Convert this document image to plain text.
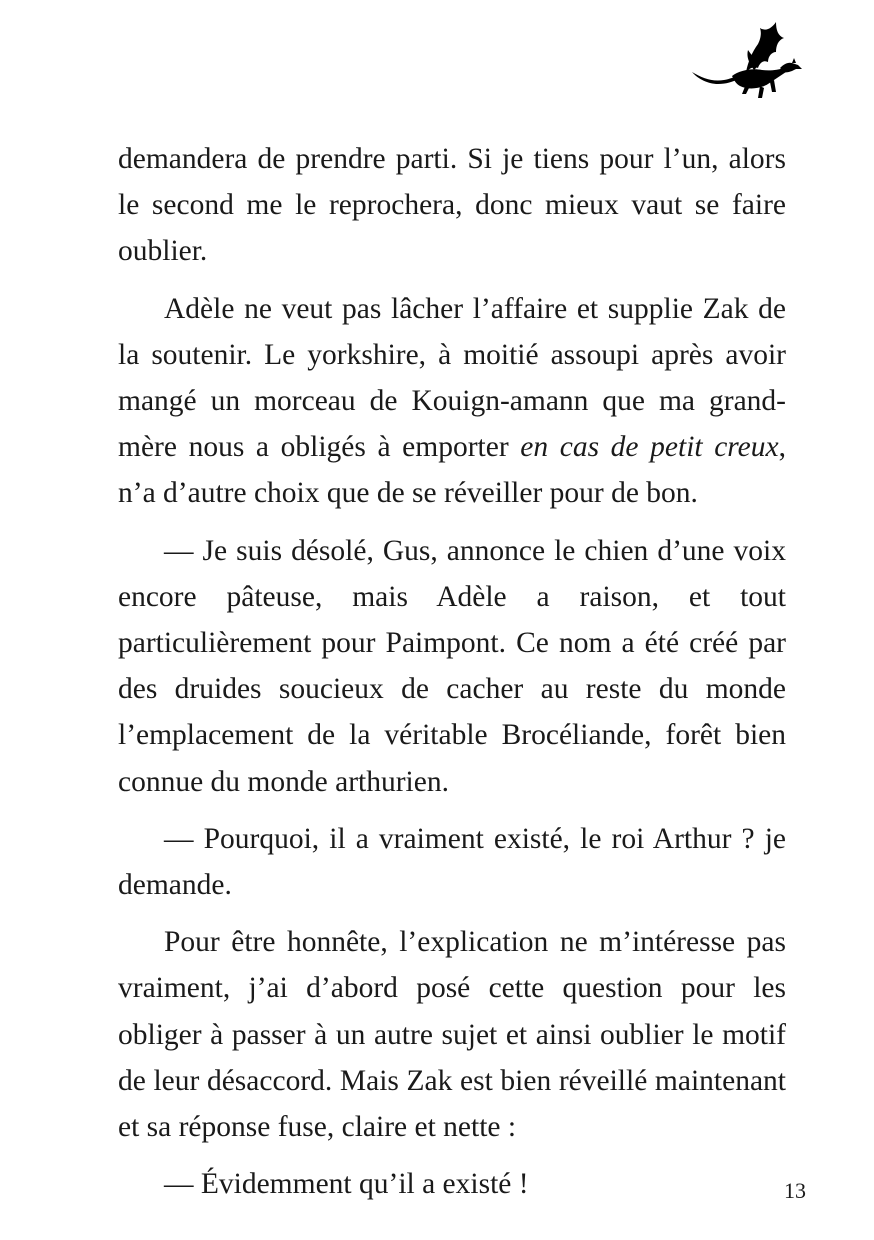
demandera de prendre parti. Si je tiens pour l’un, alors le second me le reprochera, donc mieux vaut se faire oublier.

Adèle ne veut pas lâcher l’affaire et supplie Zak de la soutenir. Le yorkshire, à moitié assoupi après avoir mangé un morceau de Kouign-amann que ma grand-mère nous a obligés à emporter en cas de petit creux, n’a d’autre choix que de se réveiller pour de bon.

— Je suis désolé, Gus, annonce le chien d’une voix encore pâteuse, mais Adèle a raison, et tout particulièrement pour Paimpont. Ce nom a été créé par des druides soucieux de cacher au reste du monde l’emplacement de la véritable Brocéliande, forêt bien connue du monde arthurien.

— Pourquoi, il a vraiment existé, le roi Arthur ? je demande.

Pour être honnête, l’explication ne m’intéresse pas vraiment, j’ai d’abord posé cette question pour les obliger à passer à un autre sujet et ainsi oublier le motif de leur désaccord. Mais Zak est bien réveillé maintenant et sa réponse fuse, claire et nette :

— Évidemment qu’il a existé !	13
